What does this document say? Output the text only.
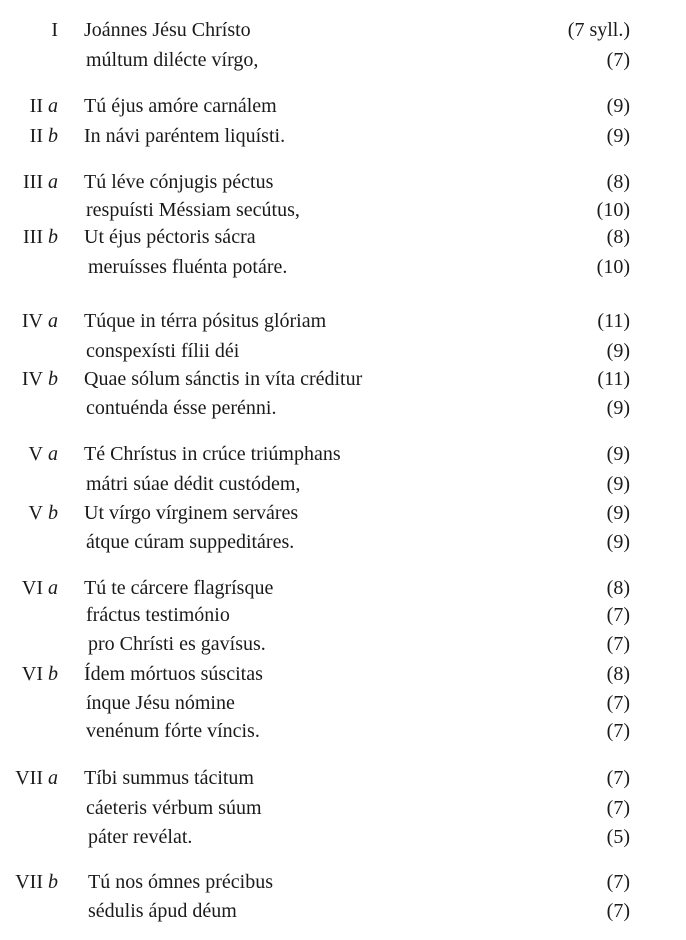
I Joánnes Jésu Chrísto	(7 syll.)
múltum dilécte vírgo,	(7)
II a Tú éjus amóre carnálem	(9)
II b In návi paréntem liquísti.	(9)
III a Tú léve cónjugis péctus	(8)
respuísti Méssiam secútus,	(10)
III b Ut éjus péctoris sácra	(8)
meruísses fluénta potáre.	(10)
IV a Túque in térra pósitus glóriam	(11)
conspexísti fílii déi	(9)
IV b Quae sólum sánctis in víta créditur	(11)
contuénda ésse perénni.	(9)
V a Té Chrístus in crúce triúmphans	(9)
mátri súae dédit custódem,	(9)
V b Ut vírgo vírginem serváres	(9)
átque cúram suppeditáres.	(9)
VI a Tú te cárcere flagrísque	(8)
fráctus testimónio	(7)
pro Chrísti es gavísus.	(7)
VI b Ídem mórtuos súscitas	(8)
ínque Jésu nómine	(7)
venénum fórte víncis.	(7)
VII a Tíbi summus tácitum	(7)
cáeteris vérbum súum	(7)
páter revélat.	(5)
VII b Tú nos ómnes précibus	(7)
sédulis ápud déum	(7)
